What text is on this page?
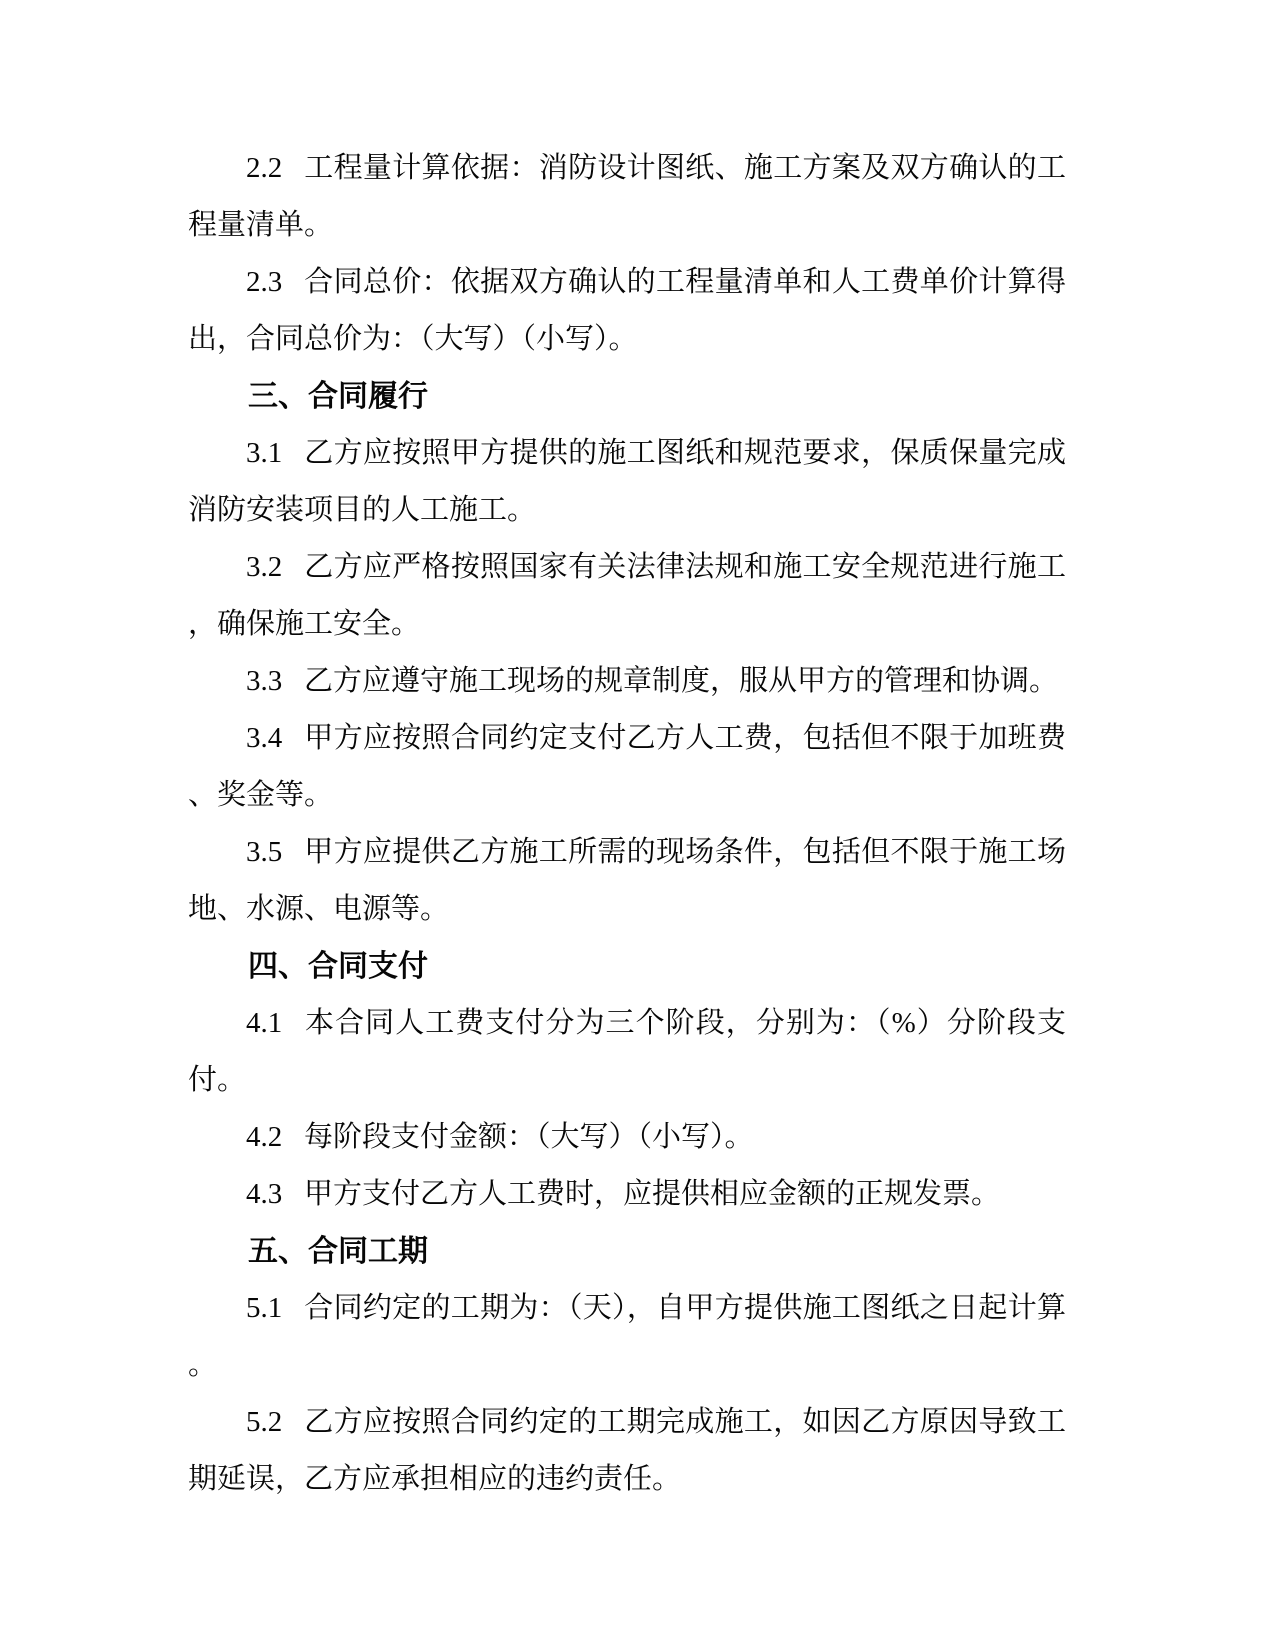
2.2 工程量计算依据：消防设计图纸、施工方案及双方确认的工程量清单。

2.3 合同总价：依据双方确认的工程量清单和人工费单价计算得出，合同总价为：（大写）（小写）。

三、合同履行

3.1 乙方应按照甲方提供的施工图纸和规范要求，保质保量完成消防安装项目的人工施工。

3.2 乙方应严格按照国家有关法律法规和施工安全规范进行施工，确保施工安全。

3.3 乙方应遵守施工现场的规章制度，服从甲方的管理和协调。

3.4 甲方应按照合同约定支付乙方人工费，包括但不限于加班费、奖金等。

3.5 甲方应提供乙方施工所需的现场条件，包括但不限于施工场地、水源、电源等。

四、合同支付

4.1 本合同人工费支付分为三个阶段，分别为：（%）分阶段支付。

4.2 每阶段支付金额：（大写）（小写）。

4.3 甲方支付乙方人工费时，应提供相应金额的正规发票。

五、合同工期

5.1 合同约定的工期为：（天），自甲方提供施工图纸之日起计算。

5.2 乙方应按照合同约定的工期完成施工，如因乙方原因导致工期延误，乙方应承担相应的违约责任。
